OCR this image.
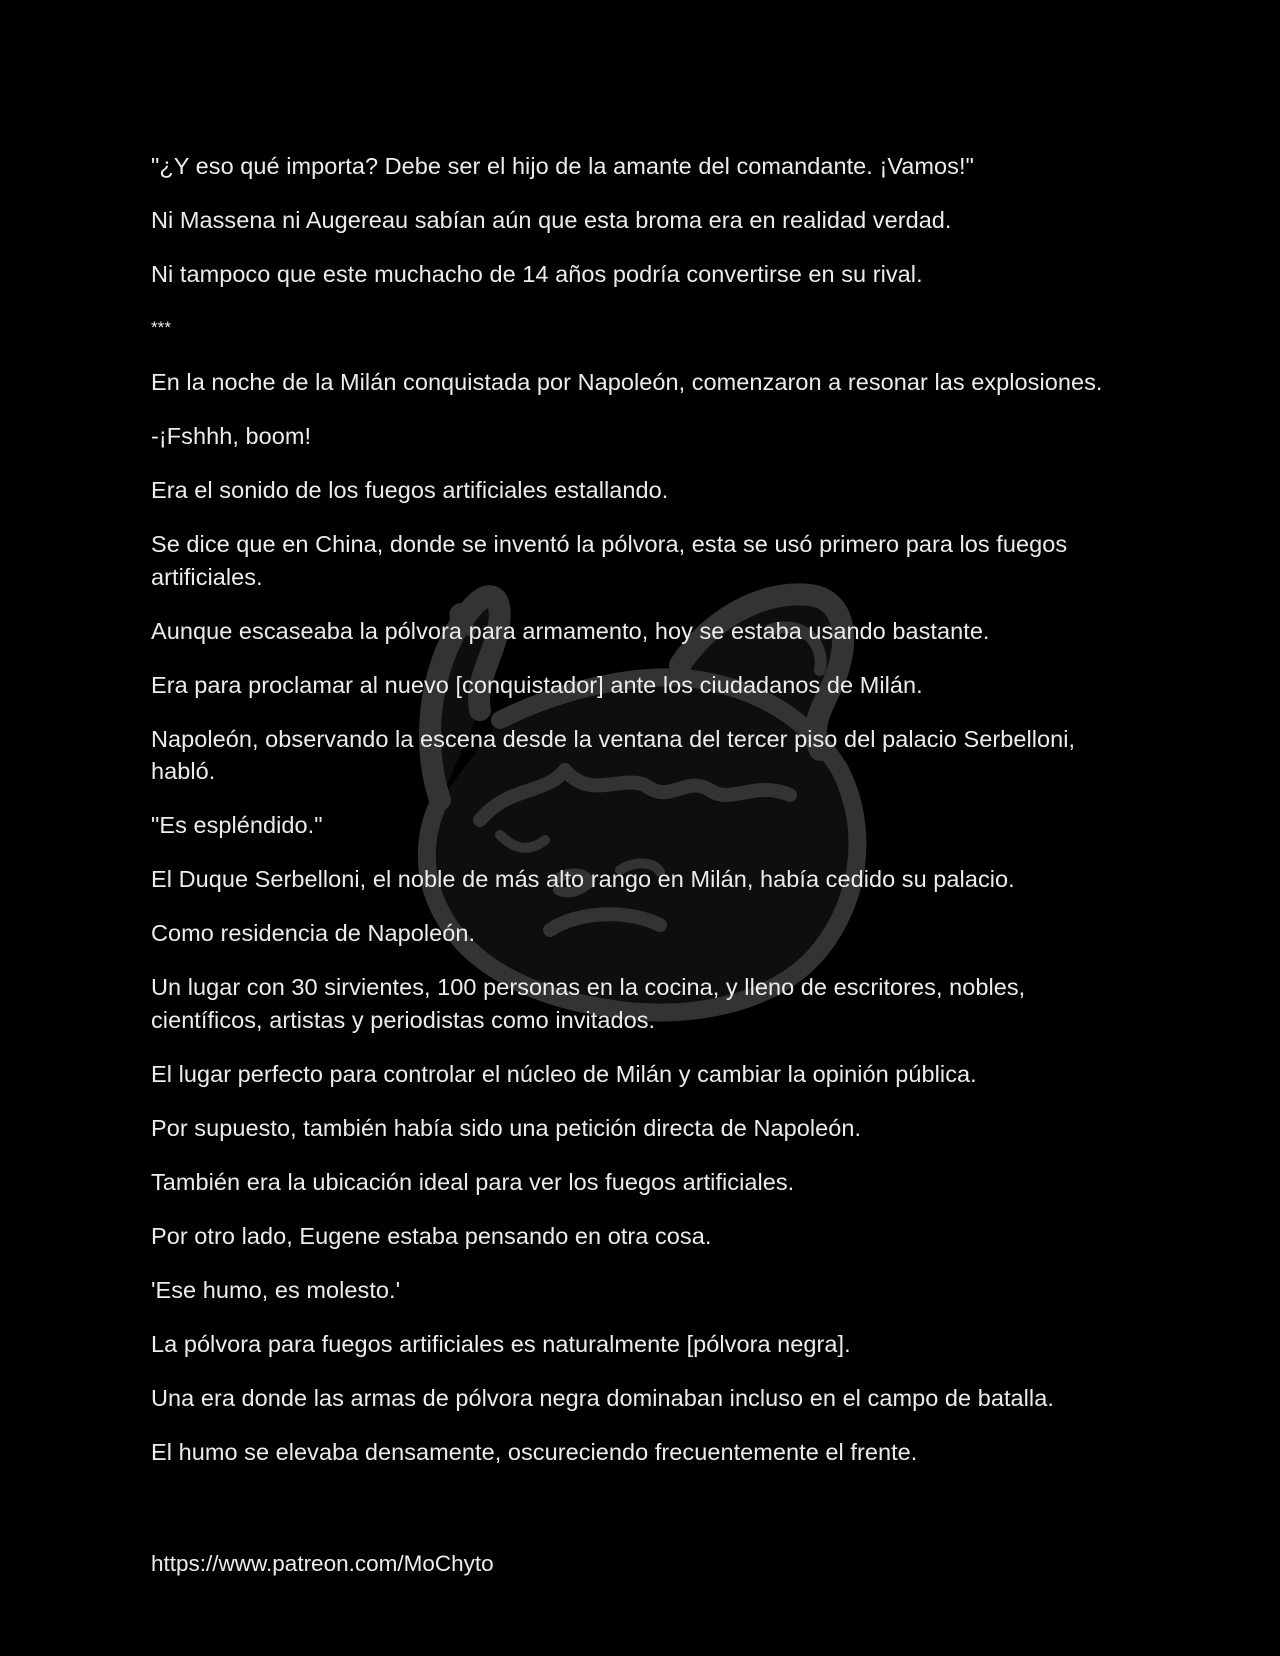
"¿Y eso qué importa? Debe ser el hijo de la amante del comandante. ¡Vamos!"

Ni Massena ni Augereau sabían aún que esta broma era en realidad verdad.

Ni tampoco que este muchacho de 14 años podría convertirse en su rival.

***

En la noche de la Milán conquistada por Napoleón, comenzaron a resonar las explosiones.

-¡Fshhh, boom!

Era el sonido de los fuegos artificiales estallando.

Se dice que en China, donde se inventó la pólvora, esta se usó primero para los fuegos artificiales.

Aunque escaseaba la pólvora para armamento, hoy se estaba usando bastante.

Era para proclamar al nuevo [conquistador] ante los ciudadanos de Milán.

Napoleón, observando la escena desde la ventana del tercer piso del palacio Serbelloni, habló.

"Es espléndido."

El Duque Serbelloni, el noble de más alto rango en Milán, había cedido su palacio.

Como residencia de Napoleón.

Un lugar con 30 sirvientes, 100 personas en la cocina, y lleno de escritores, nobles, científicos, artistas y periodistas como invitados.

El lugar perfecto para controlar el núcleo de Milán y cambiar la opinión pública.

Por supuesto, también había sido una petición directa de Napoleón.

También era la ubicación ideal para ver los fuegos artificiales.

Por otro lado, Eugene estaba pensando en otra cosa.

'Ese humo, es molesto.'

La pólvora para fuegos artificiales es naturalmente [pólvora negra].

Una era donde las armas de pólvora negra dominaban incluso en el campo de batalla.

El humo se elevaba densamente, oscureciendo frecuentemente el frente.

https://www.patreon.com/MoChyto
